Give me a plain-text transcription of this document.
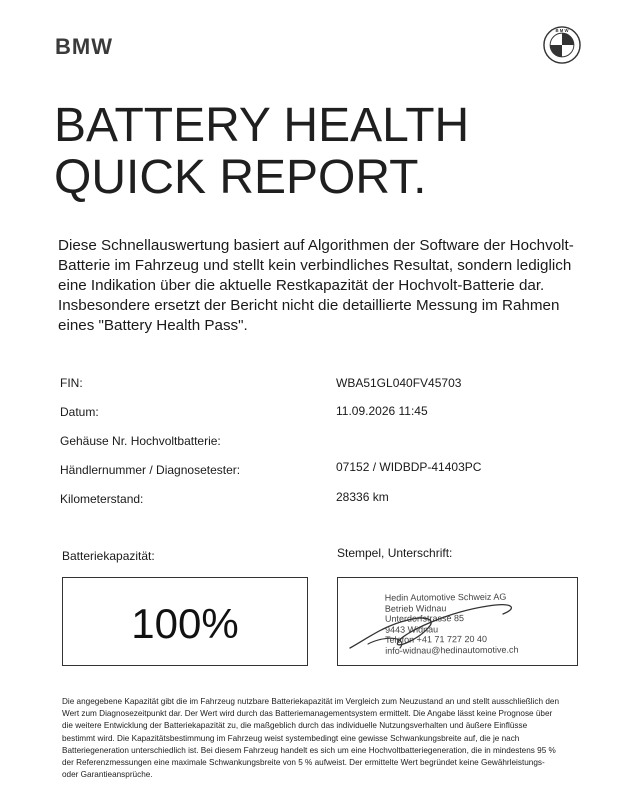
BMW
B M W
BATTERY HEALTH
QUICK REPORT.
Diese Schnellauswertung basiert auf Algorithmen der Software der Hochvolt-Batterie im Fahrzeug und stellt kein verbindliches Resultat, sondern lediglich eine Indikation über die aktuelle Restkapazität der Hochvolt-Batterie dar. Insbesondere ersetzt der Bericht nicht die detaillierte Messung im Rahmen eines "Battery Health Pass".
FIN:	WBA51GL040FV45703
Datum:	11.09.2026 11:45
Gehäuse Nr. Hochvoltbatterie:
Händlernummer / Diagnosetester:	07152 / WIDBDP-41403PC
Kilometerstand:	28336 km
Batteriekapazität:	Stempel, Unterschrift:
100%
Hedin Automotive Schweiz AG
Betrieb Widnau
Unterdorfstrasse 85
9443 Widnau
Telefon +41 71 727 20 40
info-widnau@hedinautomotive.ch
Die angegebene Kapazität gibt die im Fahrzeug nutzbare Batteriekapazität im Vergleich zum Neuzustand an und stellt ausschließlich den Wert zum Diagnosezeitpunkt dar. Der Wert wird durch das Batteriemanagementsystem ermittelt. Die Angabe lässt keine Prognose über die weitere Entwicklung der Batteriekapazität zu, die maßgeblich durch das individuelle Nutzungsverhalten und äußere Einflüsse bestimmt wird. Die Kapazitätsbestimmung im Fahrzeug weist systembedingt eine gewisse Schwankungsbreite auf, die je nach Batteriegeneration unterschiedlich ist. Bei diesem Fahrzeug handelt es sich um eine Hochvoltbatteriegeneration, die in mindestens 95 % der Referenzmessungen eine maximale Schwankungsbreite von 5 % aufweist. Der ermittelte Wert begründet keine Gewährleistungs- oder Garantieansprüche.
